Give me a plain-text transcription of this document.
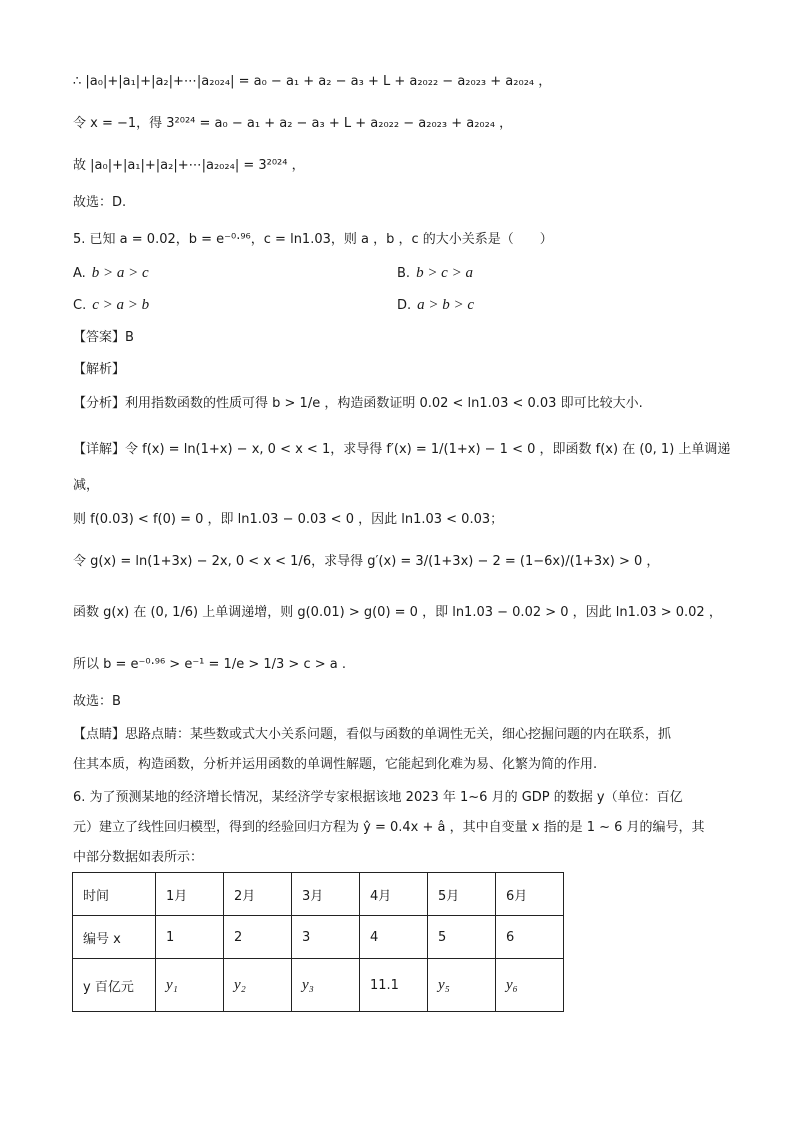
∴ |a₀|+|a₁|+|a₂|+⋯|a₂₀₂₄| = a₀ − a₁ + a₂ − a₃ + L + a₂₀₂₂ − a₂₀₂₃ + a₂₀₂₄ ，
令 x = −1，得 3²⁰²⁴ = a₀ − a₁ + a₂ − a₃ + L + a₂₀₂₂ − a₂₀₂₃ + a₂₀₂₄ ，
故 |a₀|+|a₁|+|a₂|+⋯|a₂₀₂₄| = 3²⁰²⁴ ，
故选：D.
5. 已知 a = 0.02，b = e⁻⁰·⁹⁶，c = ln1.03，则 a ，b ，c 的大小关系是（　　）
A. b > a > c	B. b > c > a
C. c > a > b	D. a > b > c
【答案】B
【解析】
【分析】利用指数函数的性质可得 b > 1/e ，构造函数证明 0.02 < ln1.03 < 0.03 即可比较大小.
【详解】令 f(x) = ln(1+x) − x, 0 < x < 1，求导得 f′(x) = 1/(1+x) − 1 < 0 ，即函数 f(x) 在 (0, 1) 上单调递
减，
则 f(0.03) < f(0) = 0 ，即 ln1.03 − 0.03 < 0 ，因此 ln1.03 < 0.03；
令 g(x) = ln(1+3x) − 2x, 0 < x < 1/6，求导得 g′(x) = 3/(1+3x) − 2 = (1−6x)/(1+3x) > 0 ，
函数 g(x) 在 (0, 1/6) 上单调递增，则 g(0.01) > g(0) = 0 ，即 ln1.03 − 0.02 > 0 ，因此 ln1.03 > 0.02 ，
所以 b = e⁻⁰·⁹⁶ > e⁻¹ = 1/e > 1/3 > c > a .
故选：B
【点睛】思路点睛：某些数或式大小关系问题，看似与函数的单调性无关，细心挖掘问题的内在联系，抓
住其本质，构造函数，分析并运用函数的单调性解题，它能起到化难为易、化繁为简的作用.
6. 为了预测某地的经济增长情况，某经济学专家根据该地 2023 年 1~6 月的 GDP 的数据 y（单位：百亿
元）建立了线性回归模型，得到的经验回归方程为 ŷ = 0.4x + â ，其中自变量 x 指的是 1 ~ 6 月的编号，其
中部分数据如表所示：
时间	1月	2月	3月	4月	5月	6月
编号 x	1	2	3	4	5	6
y 百亿元	y₁	y₂	y₃	11.1	y₅	y₆
